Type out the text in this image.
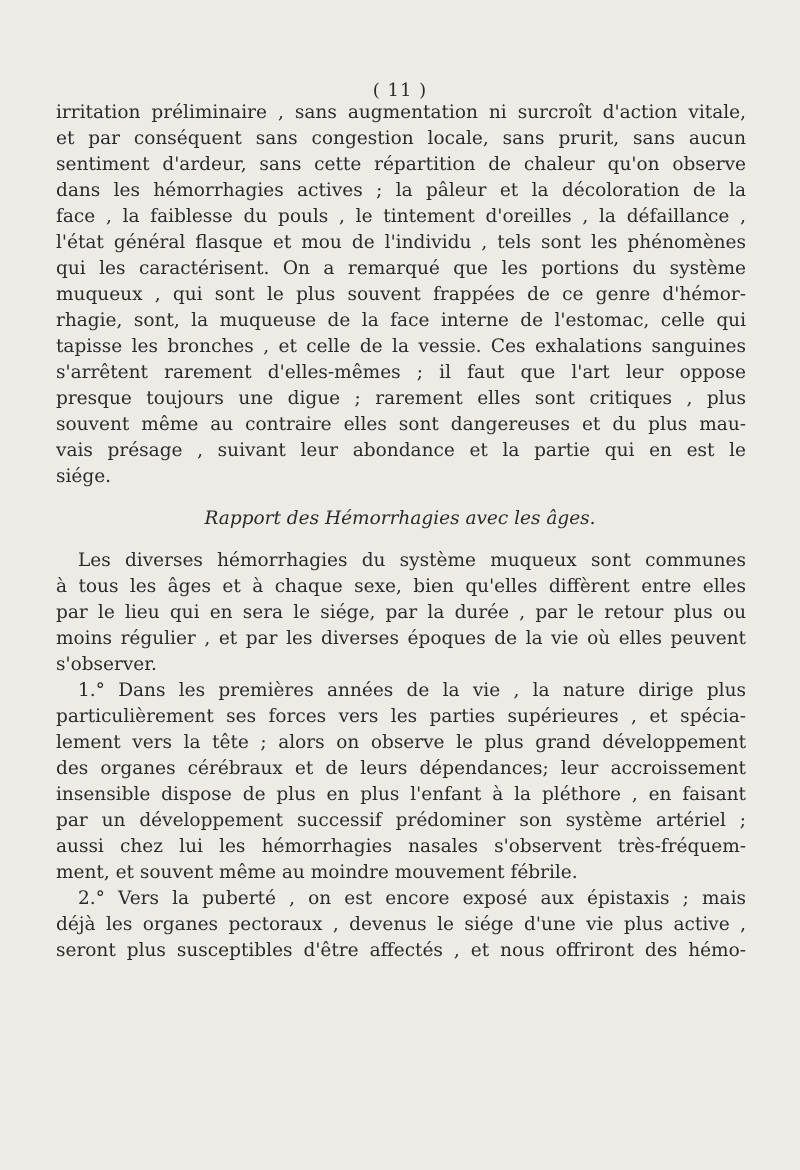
( 11 )
irritation préliminaire , sans augmentation ni surcroît d'action vitale,
et par conséquent sans congestion locale, sans prurit, sans aucun
sentiment d'ardeur, sans cette répartition de chaleur qu'on observe
dans les hémorrhagies actives ; la pâleur et la décoloration de la
face , la faiblesse du pouls , le tintement d'oreilles , la défaillance ,
l'état général flasque et mou de l'individu , tels sont les phénomènes
qui les caractérisent. On a remarqué que les portions du système
muqueux , qui sont le plus souvent frappées de ce genre d'hémor-
rhagie, sont, la muqueuse de la face interne de l'estomac, celle qui
tapisse les bronches , et celle de la vessie. Ces exhalations sanguines
s'arrêtent rarement d'elles-mêmes ; il faut que l'art leur oppose
presque toujours une digue ; rarement elles sont critiques , plus
souvent même au contraire elles sont dangereuses et du plus mau-
vais présage , suivant leur abondance et la partie qui en est le
siége.
Rapport des Hémorrhagies avec les âges.
Les diverses hémorrhagies du système muqueux sont communes
à tous les âges et à chaque sexe, bien qu'elles diffèrent entre elles
par le lieu qui en sera le siége, par la durée , par le retour plus ou
moins régulier , et par les diverses époques de la vie où elles peuvent
s'observer.
1.° Dans les premières années de la vie , la nature dirige plus
particulièrement ses forces vers les parties supérieures , et spécia-
lement vers la tête ; alors on observe le plus grand développement
des organes cérébraux et de leurs dépendances; leur accroissement
insensible dispose de plus en plus l'enfant à la pléthore , en faisant
par un développement successif prédominer son système artériel ;
aussi chez lui les hémorrhagies nasales s'observent très-fréquem-
ment, et souvent même au moindre mouvement fébrile.
2.° Vers la puberté , on est encore exposé aux épistaxis ; mais
déjà les organes pectoraux , devenus le siége d'une vie plus active ,
seront plus susceptibles d'être affectés , et nous offriront des hémo-
